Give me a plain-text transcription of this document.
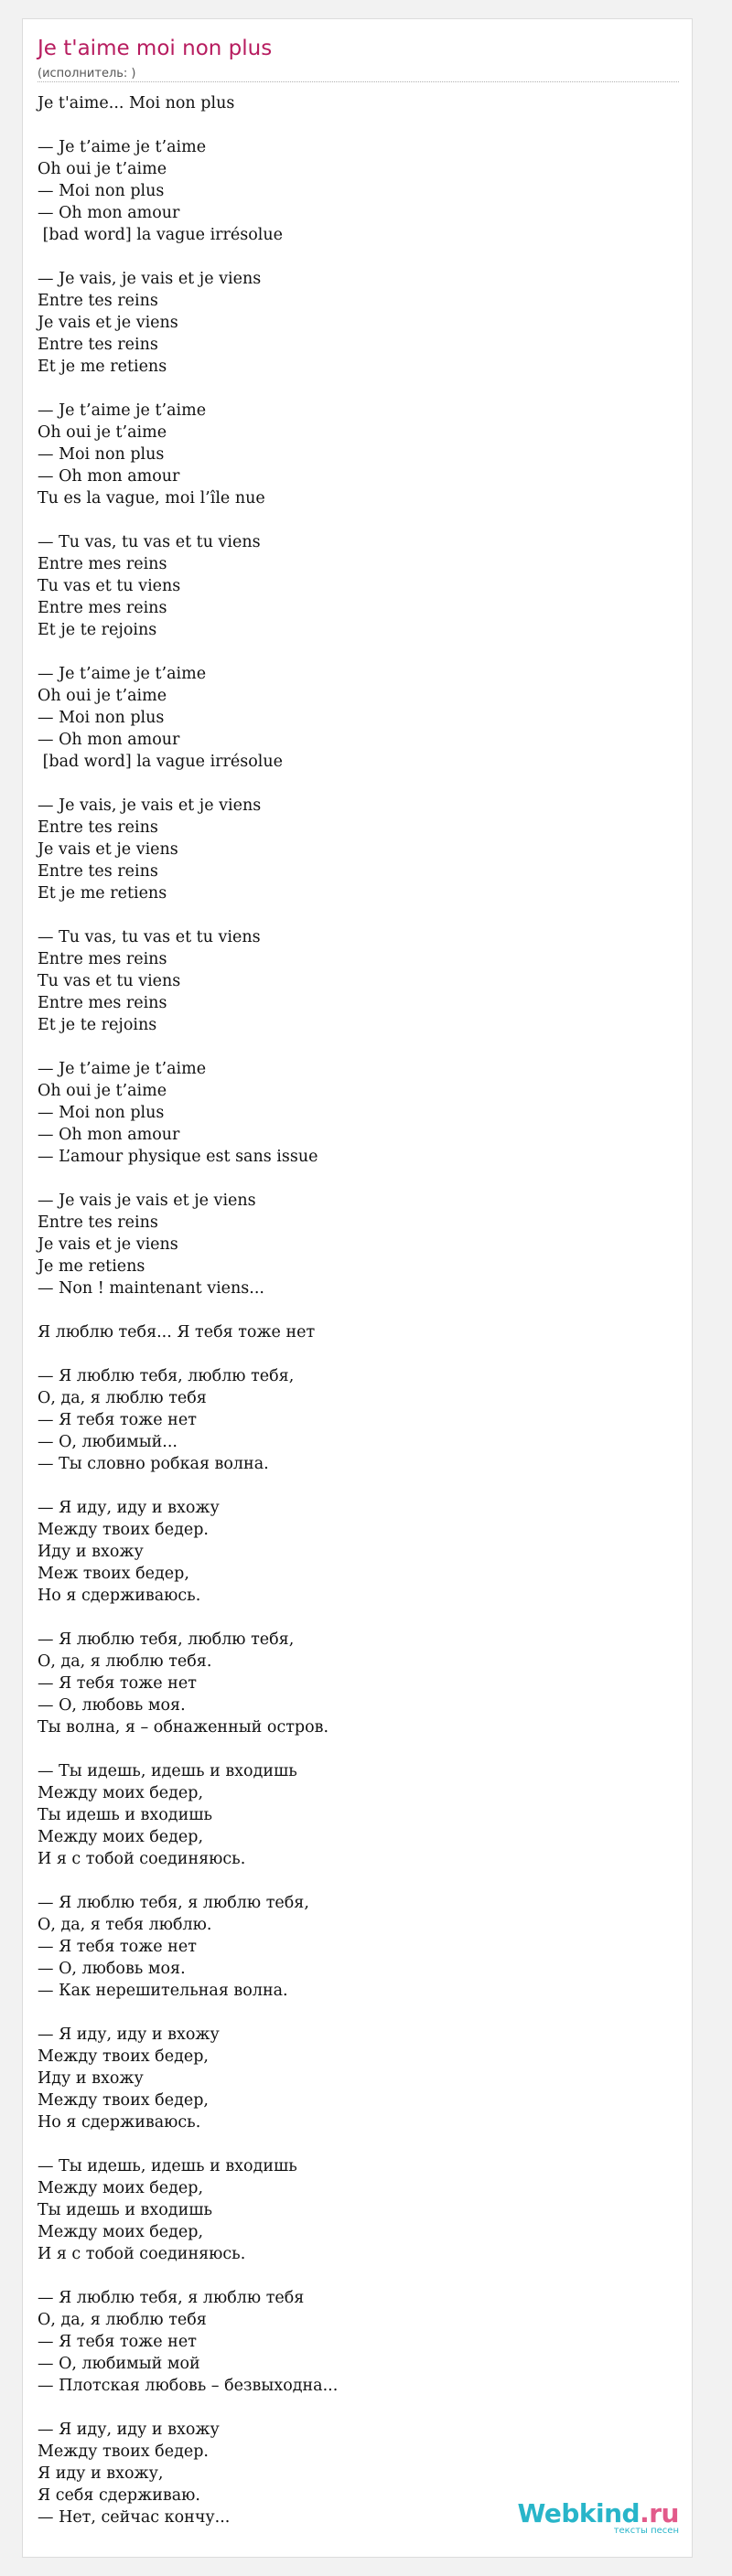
Je t'aime moi non plus
(исполнитель: )
Je t'aime... Moi non plus
— Je t’aime je t’aime
Oh oui je t’aime
— Moi non plus
— Oh mon amour
[bad word] la vague irrésolue
— Je vais, je vais et je viens
Entre tes reins
Je vais et je viens
Entre tes reins
Et je me retiens
— Je t’aime je t’aime
Oh oui je t’aime
— Moi non plus
— Oh mon amour
Tu es la vague, moi l’île nue
— Tu vas, tu vas et tu viens
Entre mes reins
Tu vas et tu viens
Entre mes reins
Et je te rejoins
— Je t’aime je t’aime
Oh oui je t’aime
— Moi non plus
— Oh mon amour
[bad word] la vague irrésolue
— Je vais, je vais et je viens
Entre tes reins
Je vais et je viens
Entre tes reins
Et je me retiens
— Tu vas, tu vas et tu viens
Entre mes reins
Tu vas et tu viens
Entre mes reins
Et je te rejoins
— Je t’aime je t’aime
Oh oui je t’aime
— Moi non plus
— Oh mon amour
— L’amour physique est sans issue
— Je vais je vais et je viens
Entre tes reins
Je vais et je viens
Je me retiens
— Non ! maintenant viens...
Я люблю тебя... Я тебя тоже нет
— Я люблю тебя, люблю тебя,
О, да, я люблю тебя
— Я тебя тоже нет
— О, любимый...
— Ты словно робкая волна.
— Я иду, иду и вхожу
Между твоих бедер.
Иду и вхожу
Меж твоих бедер,
Но я сдерживаюсь.
— Я люблю тебя, люблю тебя,
О, да, я люблю тебя.
— Я тебя тоже нет
— О, любовь моя.
Ты волна, я – обнаженный остров.
— Ты идешь, идешь и входишь
Между моих бедер,
Ты идешь и входишь
Между моих бедер,
И я с тобой соединяюсь.
— Я люблю тебя, я люблю тебя,
О, да, я тебя люблю.
— Я тебя тоже нет
— О, любовь моя.
— Как нерешительная волна.
— Я иду, иду и вхожу
Между твоих бедер,
Иду и вхожу
Между твоих бедер,
Но я сдерживаюсь.
— Ты идешь, идешь и входишь
Между моих бедер,
Ты идешь и входишь
Между моих бедер,
И я с тобой соединяюсь.
— Я люблю тебя, я люблю тебя
О, да, я люблю тебя
— Я тебя тоже нет
— О, любимый мой
— Плотская любовь – безвыходна...
— Я иду, иду и вхожу
Между твоих бедер.
Я иду и вхожу,
Я себя сдерживаю.
— Нет, сейчас кончу...	Webkind.ru
тексты песен
